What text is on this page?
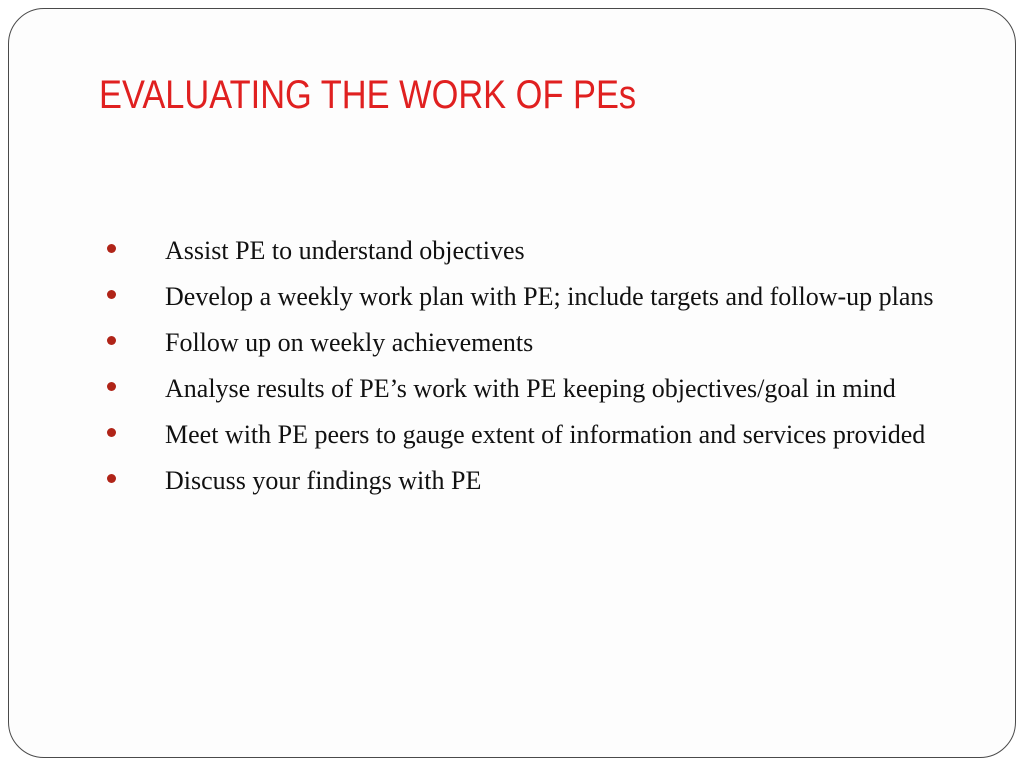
EVALUATING THE WORK OF PEs
Assist PE to understand objectives
Develop a weekly work plan with PE; include targets and follow-up plans
Follow up on weekly achievements
Analyse results of PE’s work with PE keeping objectives/goal in mind
Meet with PE peers to gauge extent of information and services provided
Discuss your findings with PE
